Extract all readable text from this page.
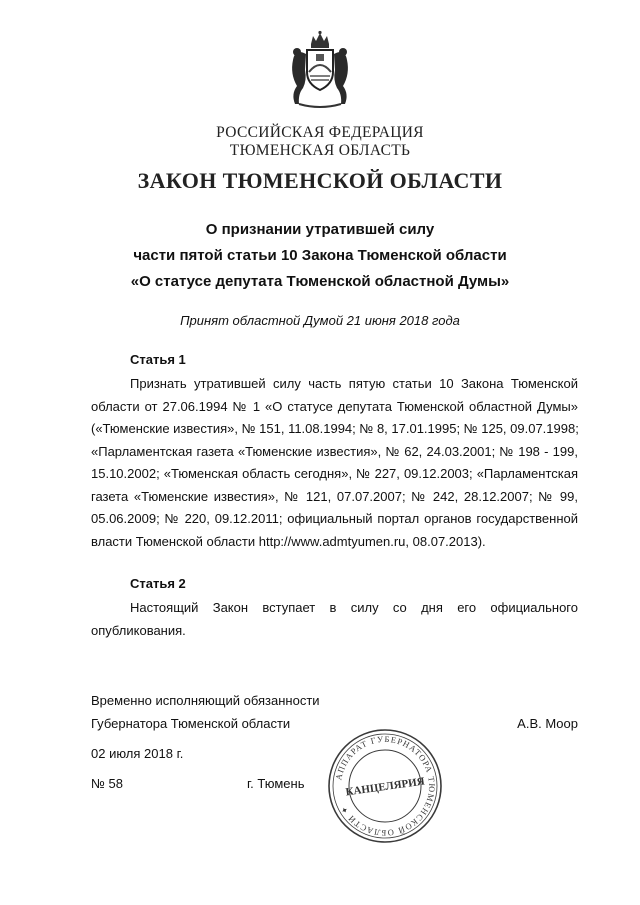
РОССИЙСКАЯ ФЕДЕРАЦИЯ
ТЮМЕНСКАЯ ОБЛАСТЬ
ЗАКОН ТЮМЕНСКОЙ ОБЛАСТИ
О признании утратившей силу
части пятой статьи 10 Закона Тюменской области
«О статусе депутата Тюменской областной Думы»
Принят областной Думой 21 июня 2018 года
Статья 1
Признать утратившей силу часть пятую статьи 10 Закона Тюменской
области от 27.06.1994 № 1 «О статусе депутата Тюменской областной Думы»
(«Тюменские известия», № 151, 11.08.1994; № 8, 17.01.1995; № 125, 09.07.1998;
«Парламентская газета «Тюменские известия», № 62, 24.03.2001; № 198 - 199,
15.10.2002; «Тюменская область сегодня», № 227, 09.12.2003; «Парламентская
газета «Тюменские известия», № 121, 07.07.2007; № 242, 28.12.2007; № 99,
05.06.2009; № 220, 09.12.2011; официальный портал органов государственной
власти Тюменской области http://www.admtyumen.ru, 08.07.2013).
Статья 2
Настоящий Закон вступает в силу со дня его официального
опубликования.
Временно исполняющий обязанности
Губернатора Тюменской области	А.В. Моор
02 июля 2018 г.
№ 58	г. Тюмень	АППАРАТ ГУБЕРНАТОРА ТЮМЕНСКОЙ ОБЛАСТИ ✦
КАНЦЕЛЯРИЯ
